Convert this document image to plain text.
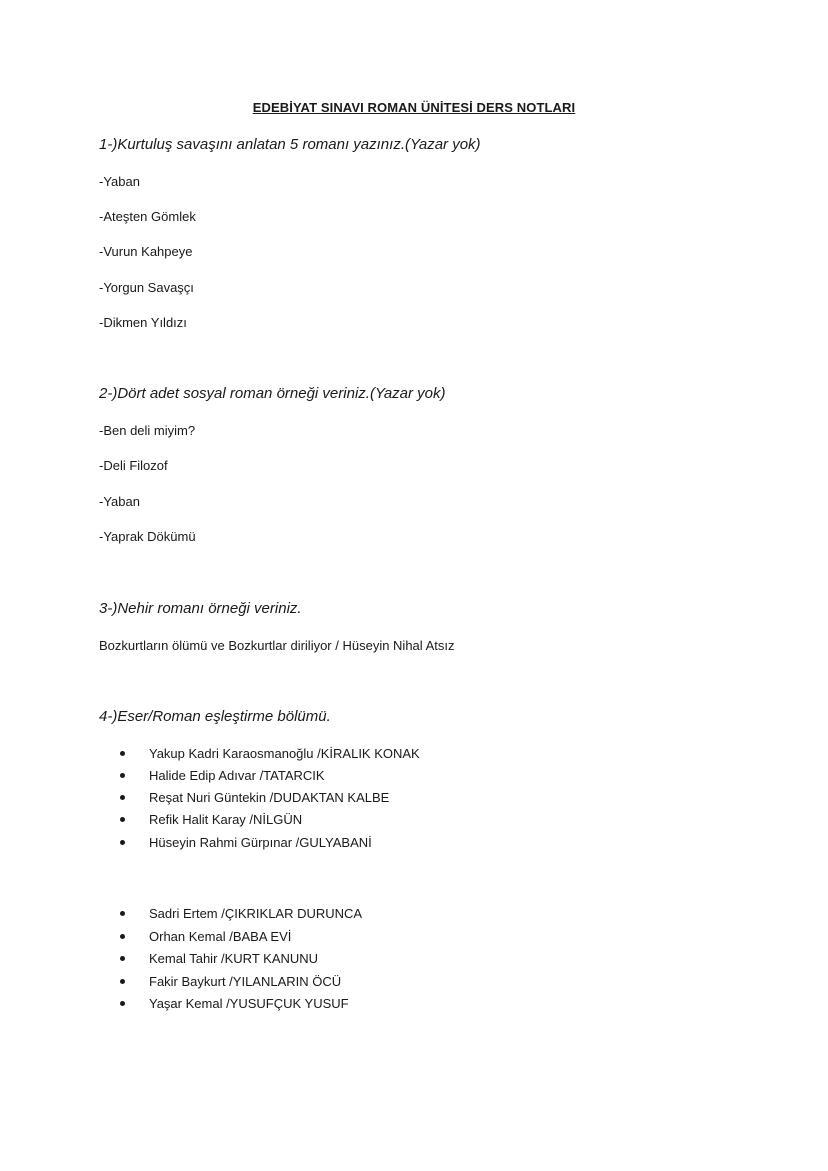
EDEBİYAT SINAVI ROMAN ÜNİTESİ DERS NOTLARI
1-)Kurtuluş savaşını anlatan 5 romanı yazınız.(Yazar yok)
-Yaban
-Ateşten Gömlek
-Vurun Kahpeye
-Yorgun Savaşçı
-Dikmen Yıldızı
2-)Dört adet sosyal roman örneği veriniz.(Yazar yok)
-Ben deli miyim?
-Deli Filozof
-Yaban
-Yaprak Dökümü
3-)Nehir romanı örneği veriniz.
Bozkurtların ölümü ve Bozkurtlar diriliyor / Hüseyin Nihal Atsız
4-)Eser/Roman eşleştirme bölümü.
Yakup Kadri Karaosmanoğlu /KİRALIK KONAK
Halide Edip Adıvar /TATARCIK
Reşat Nuri Güntekin /DUDAKTAN KALBE
Refik Halit Karay /NİLGÜN
Hüseyin Rahmi Gürpınar /GULYABANİ
Sadri Ertem /ÇIKRIKLAR DURUNCA
Orhan Kemal /BABA EVİ
Kemal Tahir /KURT KANUNU
Fakir Baykurt /YILANLARIN ÖCÜ
Yaşar Kemal /YUSUFÇUK YUSUF
